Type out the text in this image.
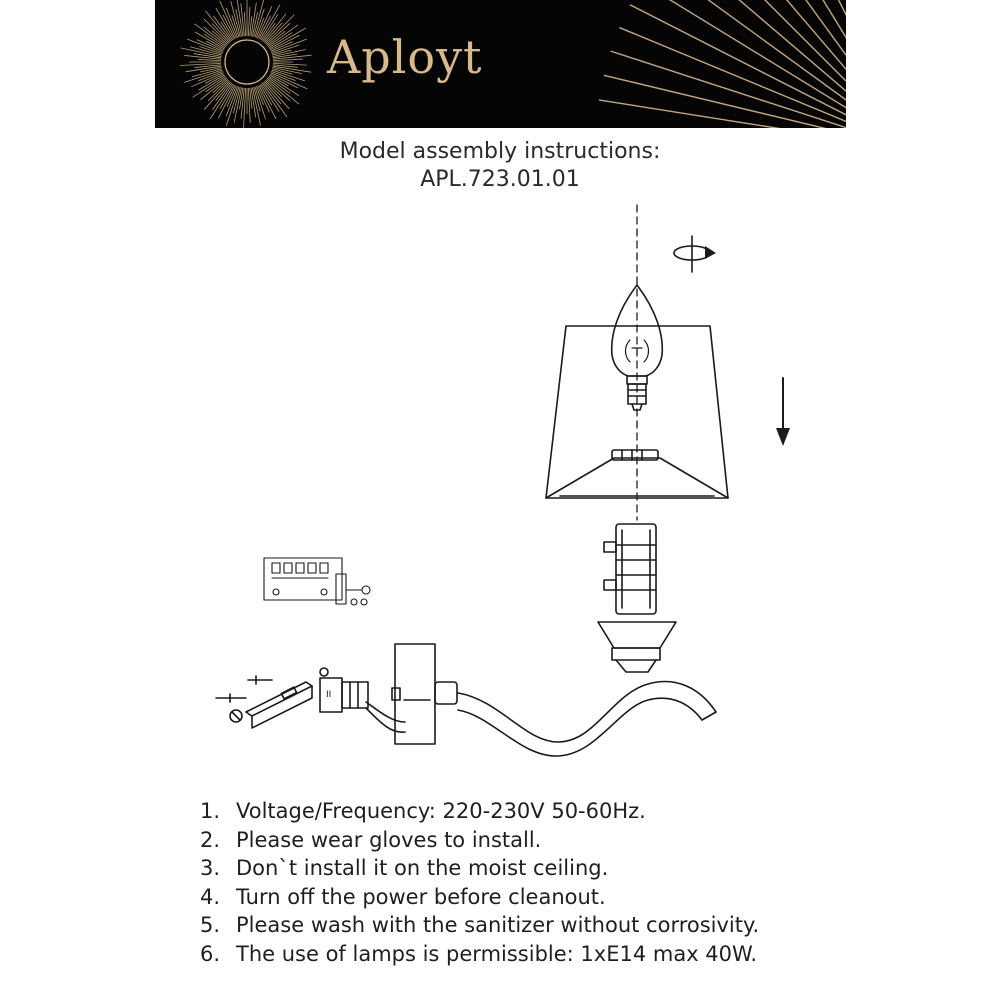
Aployt
Model assembly instructions:
APL.723.01.01
II
1. Voltage/Frequency: 220-230V 50-60Hz.
2. Please wear gloves to install.
3. Don`t install it on the moist ceiling.
4. Turn off the power before cleanout.
5. Please wash with the sanitizer without corrosivity.
6. The use of lamps is permissible: 1xE14 max 40W.
